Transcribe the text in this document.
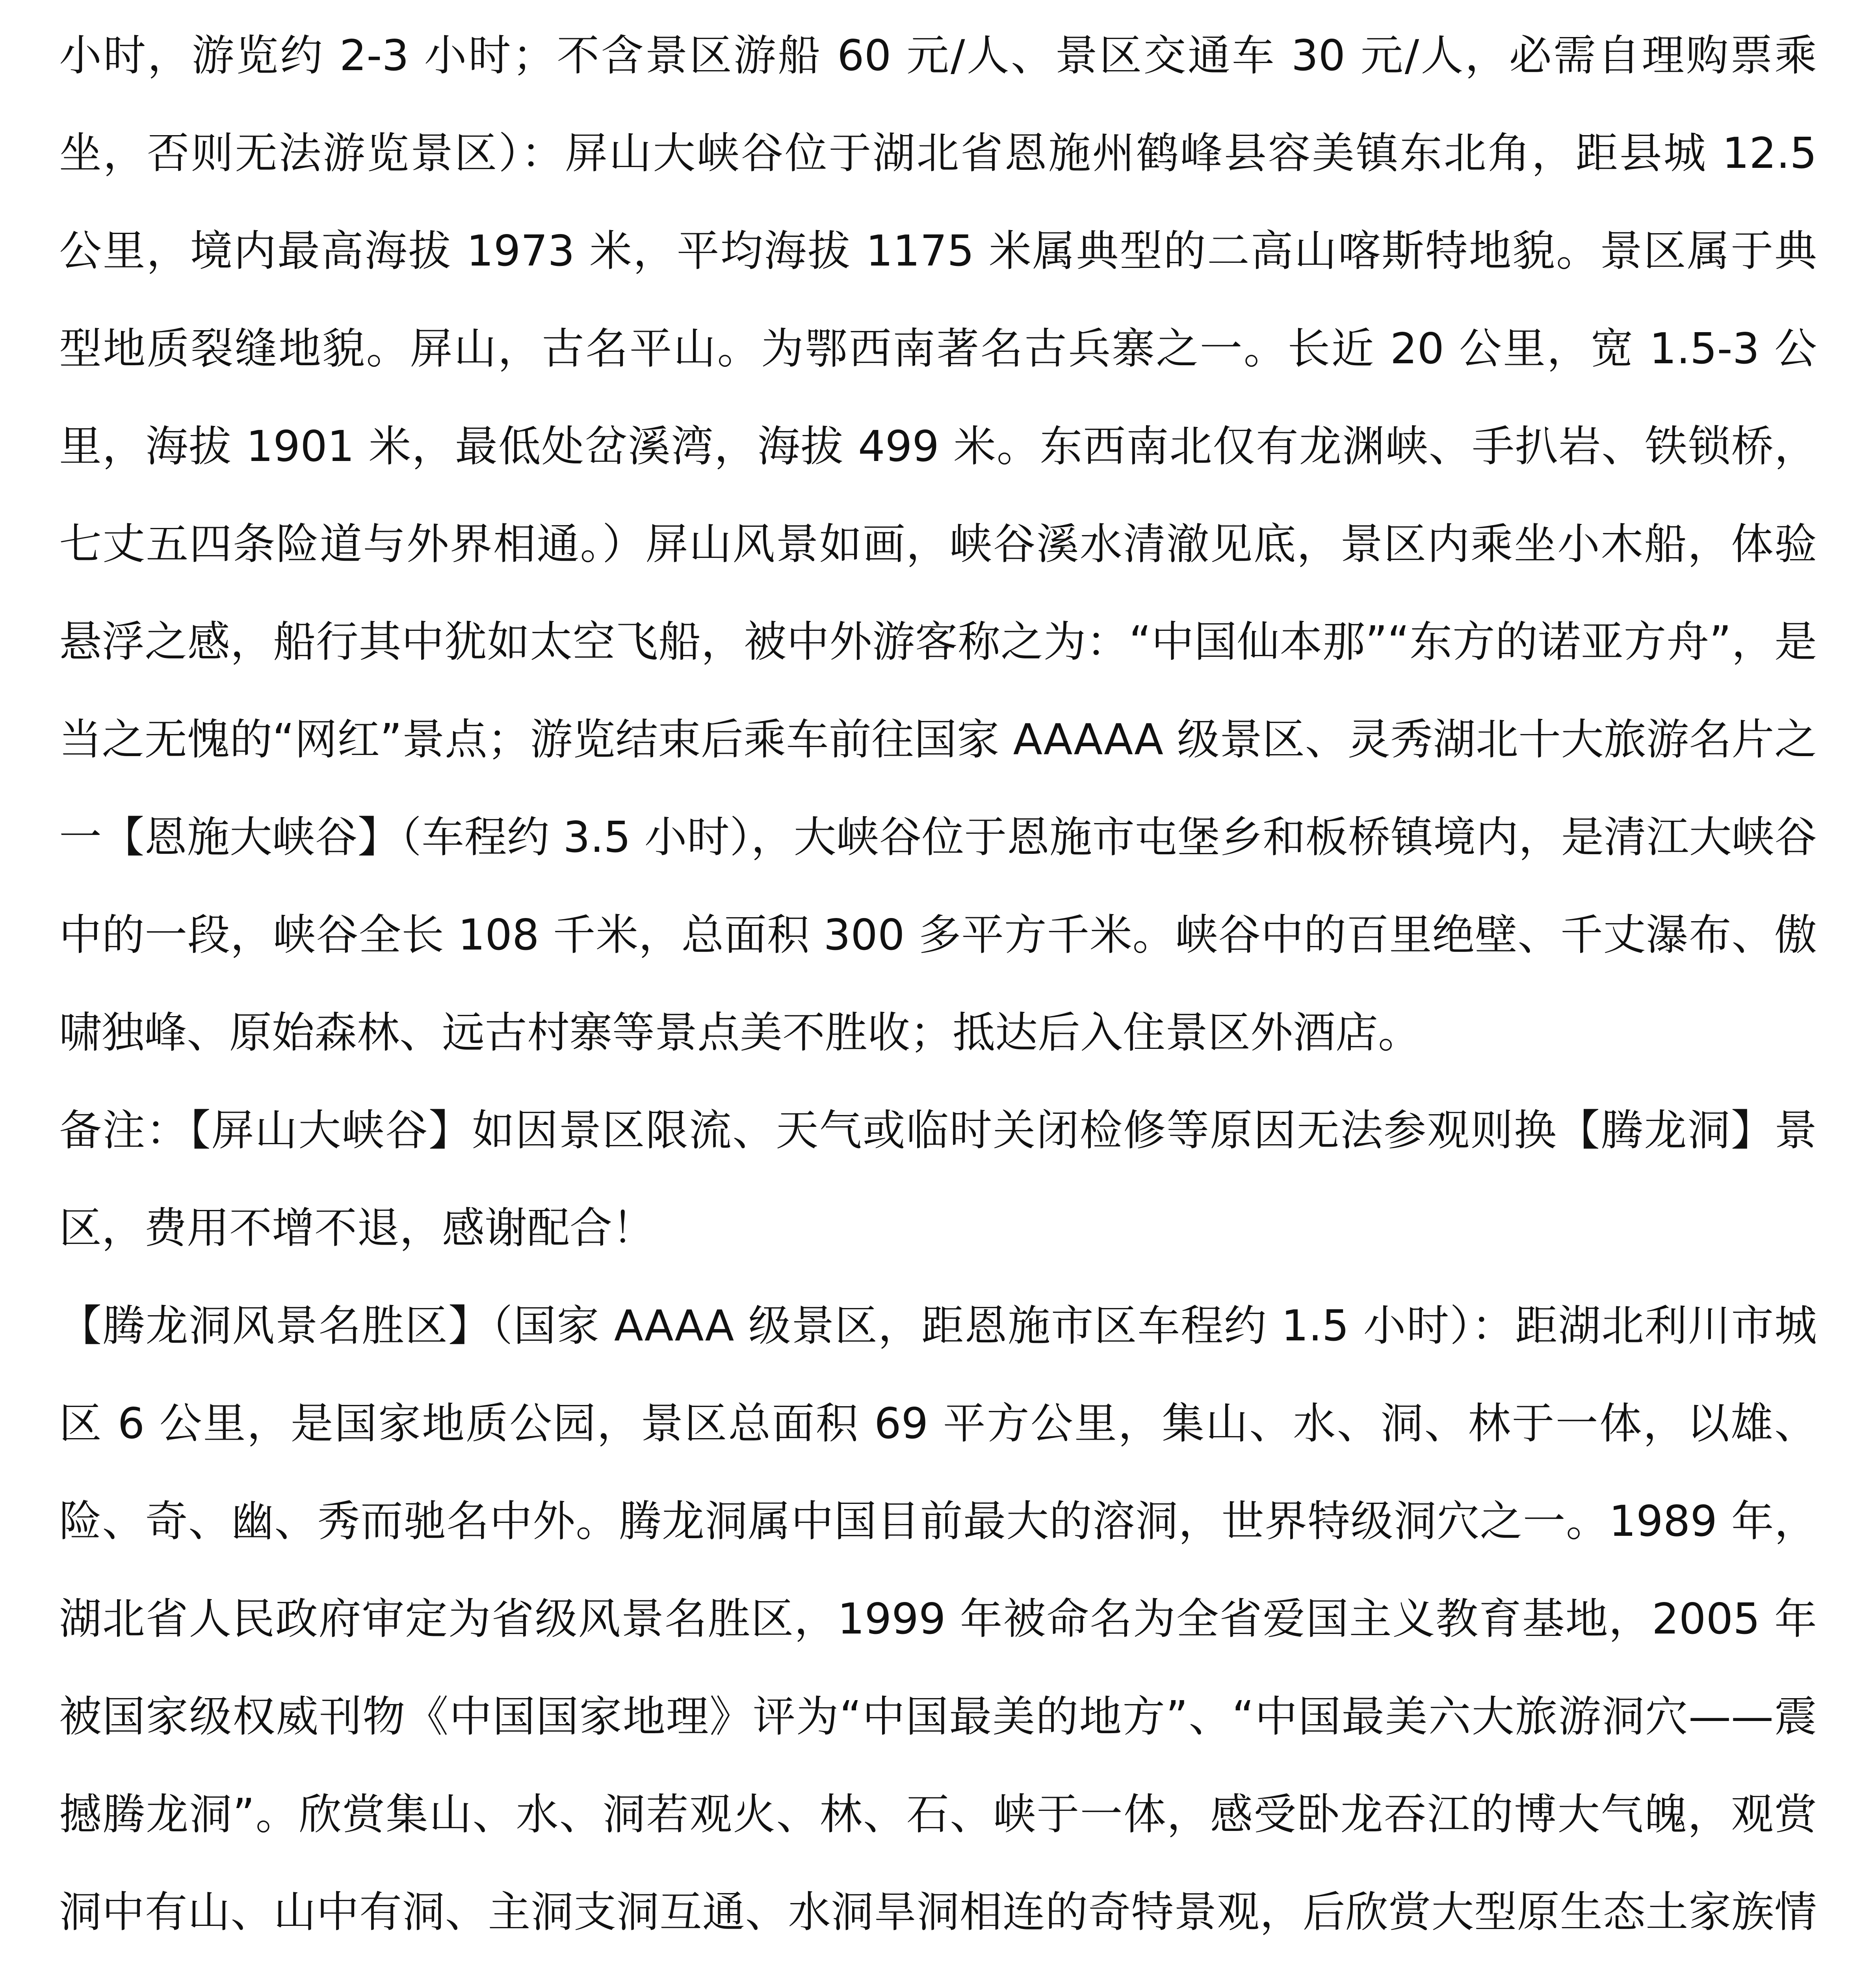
小时，游览约 2-3 小时；不含景区游船 60 元/人、景区交通车 30 元/人，必需自理购票乘坐，否则无法游览景区）：屏山大峡谷位于湖北省恩施州鹤峰县容美镇东北角，距县城 12.5 公里，境内最高海拔 1973 米，平均海拔 1175 米属典型的二高山喀斯特地貌。景区属于典型地质裂缝地貌。屏山，古名平山。为鄂西南著名古兵寨之一。长近 20 公里，宽 1.5-3 公里，海拔 1901 米，最低处岔溪湾，海拔 499 米。东西南北仅有龙渊峡、手扒岩、铁锁桥，七丈五四条险道与外界相通。）屏山风景如画，峡谷溪水清澈见底，景区内乘坐小木船，体验悬浮之感，船行其中犹如太空飞船，被中外游客称之为：“中国仙本那”“东方的诺亚方舟”，是当之无愧的“网红”景点；游览结束后乘车前往国家 AAAAA 级景区、灵秀湖北十大旅游名片之一【恩施大峡谷】（车程约 3.5 小时），大峡谷位于恩施市屯堡乡和板桥镇境内，是清江大峡谷中的一段，峡谷全长 108 千米，总面积 300 多平方千米。峡谷中的百里绝壁、千丈瀑布、傲啸独峰、原始森林、远古村寨等景点美不胜收；抵达后入住景区外酒店。

备注：【屏山大峡谷】如因景区限流、天气或临时关闭检修等原因无法参观则换【腾龙洞】景区，费用不增不退，感谢配合！

【腾龙洞风景名胜区】（国家 AAAA 级景区，距恩施市区车程约 1.5 小时）：距湖北利川市城区 6 公里，是国家地质公园，景区总面积 69 平方公里，集山、水、洞、林于一体，以雄、险、奇、幽、秀而驰名中外。腾龙洞属中国目前最大的溶洞，世界特级洞穴之一。1989 年，湖北省人民政府审定为省级风景名胜区，1999 年被命名为全省爱国主义教育基地，2005 年被国家级权威刊物《中国国家地理》评为“中国最美的地方”、“中国最美六大旅游洞穴——震撼腾龙洞”。欣赏集山、水、洞若观火、林、石、峡于一体，感受卧龙吞江的博大气魄，观赏洞中有山、山中有洞、主洞支洞互通、水洞旱洞相连的奇特景观，后欣赏大型原生态土家族情
